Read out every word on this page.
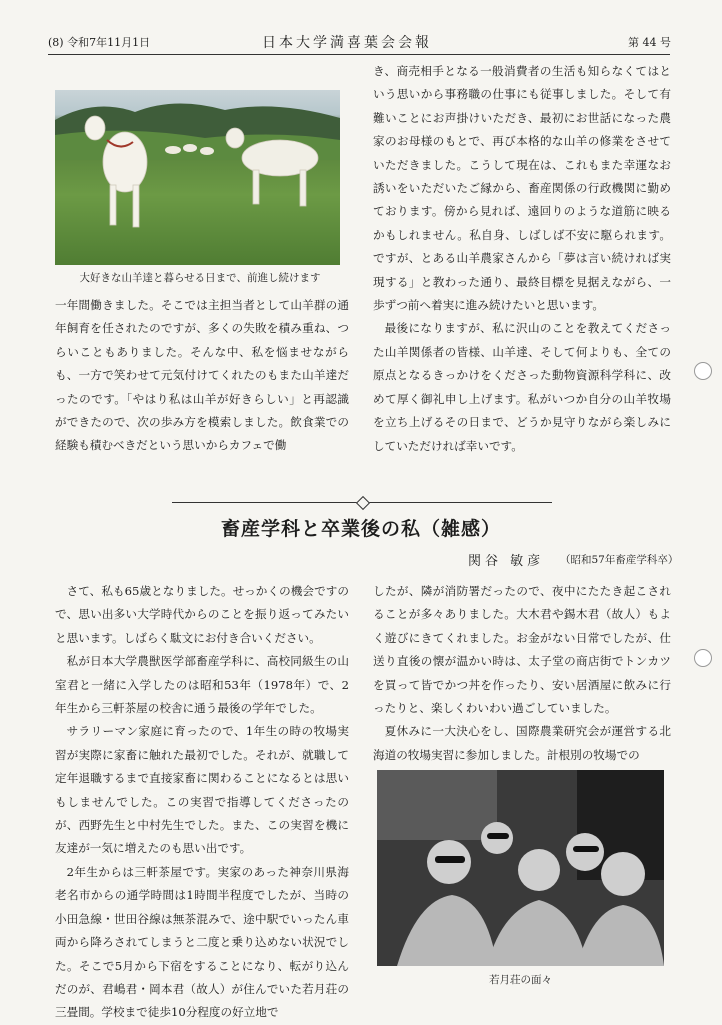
(8) 令和7年11月1日	日本大学満喜葉会会報	第 44 号
大好きな山羊達と暮らせる日まで、前進し続けます

一年間働きました。そこでは主担当者として山羊群の通年飼育を任されたのですが、多くの失敗を積み重ね、つらいこともありました。そんな中、私を悩ませながらも、一方で笑わせて元気付けてくれたのもまた山羊達だったのです。「やはり私は山羊が好きらしい」と再認識ができたので、次の歩み方を模索しました。飲食業での経験も積むべきだという思いからカフェで働

き、商売相手となる一般消費者の生活も知らなくてはという思いから事務職の仕事にも従事しました。そして有難いことにお声掛けいただき、最初にお世話になった農家のお母様のもとで、再び本格的な山羊の修業をさせていただきました。こうして現在は、これもまた幸運なお誘いをいただいたご縁から、畜産関係の行政機関に勤めております。傍から見れば、遠回りのような道筋に映るかもしれません。私自身、しばしば不安に駆られます。ですが、とある山羊農家さんから「夢は言い続ければ実現する」と教わった通り、最終目標を見据えながら、一歩ずつ前へ着実に進み続けたいと思います。

最後になりますが、私に沢山のことを教えてくださった山羊関係者の皆様、山羊達、そして何よりも、全ての原点となるきっかけをくださった動物資源科学科に、改めて厚く御礼申し上げます。私がいつか自分の山羊牧場を立ち上げるその日まで、どうか見守りながら楽しみにしていただければ幸いです。

畜産学科と卒業後の私（雑感）
関谷 敏彦 （昭和57年畜産学科卒）

さて、私も65歳となりました。せっかくの機会ですので、思い出多い大学時代からのことを振り返ってみたいと思います。しばらく駄文にお付き合いください。

私が日本大学農獣医学部畜産学科に、高校同級生の山室君と一緒に入学したのは昭和53年（1978年）で、2年生から三軒茶屋の校舎に通う最後の学年でした。

サラリーマン家庭に育ったので、1年生の時の牧場実習が実際に家畜に触れた最初でした。それが、就職して定年退職するまで直接家畜に関わることになるとは思いもしませんでした。この実習で指導してくださったのが、西野先生と中村先生でした。また、この実習を機に友達が一気に増えたのも思い出です。

2年生からは三軒茶屋です。実家のあった神奈川県海老名市からの通学時間は1時間半程度でしたが、当時の小田急線・世田谷線は無茶混みで、途中駅でいったん車両から降ろされてしまうと二度と乗り込めない状況でした。そこで5月から下宿をすることになり、転がり込んだのが、君嶋君・岡本君（故人）が住んでいた若月荘の三畳間。学校まで徒歩10分程度の好立地で

したが、隣が消防署だったので、夜中にたたき起こされることが多々ありました。大木君や錫木君（故人）もよく遊びにきてくれました。お金がない日常でしたが、仕送り直後の懐が温かい時は、太子堂の商店街でトンカツを買って皆でかつ丼を作ったり、安い居酒屋に飲みに行ったりと、楽しくわいわい過ごしていました。

夏休みに一大決心をし、国際農業研究会が運営する北海道の牧場実習に参加しました。計根別の牧場での

若月荘の面々
